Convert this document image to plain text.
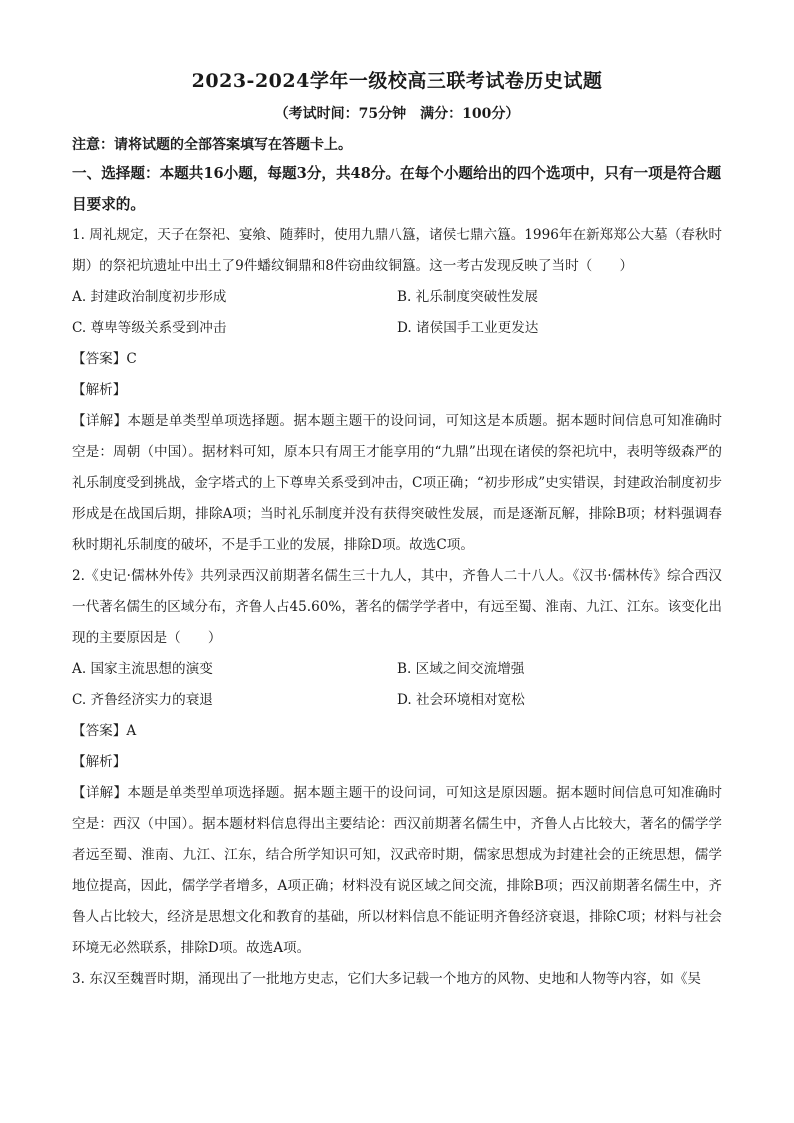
2023-2024学年一级校高三联考试卷历史试题
（考试时间：75分钟　满分：100分）
注意：请将试题的全部答案填写在答题卡上。
一、选择题：本题共16小题，每题3分，共48分。在每个小题给出的四个选项中，只有一项是符合题目要求的。
1. 周礼规定，天子在祭祀、宴飨、随葬时，使用九鼎八簋，诸侯七鼎六簋。1996年在新郑郑公大墓（春秋时期）的祭祀坑遗址中出土了9件蟠纹铜鼎和8件窃曲纹铜簋。这一考古发现反映了当时（　　）
A. 封建政治制度初步形成	B. 礼乐制度突破性发展
C. 尊卑等级关系受到冲击	D. 诸侯国手工业更发达
【答案】C
【解析】
【详解】本题是单类型单项选择题。据本题主题干的设问词，可知这是本质题。据本题时间信息可知准确时空是：周朝（中国）。据材料可知，原本只有周王才能享用的“九鼎”出现在诸侯的祭祀坑中，表明等级森严的礼乐制度受到挑战，金字塔式的上下尊卑关系受到冲击，C项正确；“初步形成”史实错误，封建政治制度初步形成是在战国后期，排除A项；当时礼乐制度并没有获得突破性发展，而是逐渐瓦解，排除B项；材料强调春秋时期礼乐制度的破坏，不是手工业的发展，排除D项。故选C项。
2.《史记·儒林外传》共列录西汉前期著名儒生三十九人，其中，齐鲁人二十八人。《汉书·儒林传》综合西汉一代著名儒生的区域分布，齐鲁人占45.60%，著名的儒学学者中，有远至蜀、淮南、九江、江东。该变化出现的主要原因是（　　）
A. 国家主流思想的演变	B. 区域之间交流增强
C. 齐鲁经济实力的衰退	D. 社会环境相对宽松
【答案】A
【解析】
【详解】本题是单类型单项选择题。据本题主题干的设问词，可知这是原因题。据本题时间信息可知准确时空是：西汉（中国）。据本题材料信息得出主要结论：西汉前期著名儒生中，齐鲁人占比较大，著名的儒学学者远至蜀、淮南、九江、江东，结合所学知识可知，汉武帝时期，儒家思想成为封建社会的正统思想，儒学地位提高，因此，儒学学者增多，A项正确；材料没有说区域之间交流，排除B项；西汉前期著名儒生中，齐鲁人占比较大，经济是思想文化和教育的基础，所以材料信息不能证明齐鲁经济衰退，排除C项；材料与社会环境无必然联系，排除D项。故选A项。
3. 东汉至魏晋时期，涌现出了一批地方史志，它们大多记载一个地方的风物、史地和人物等内容，如《吴
